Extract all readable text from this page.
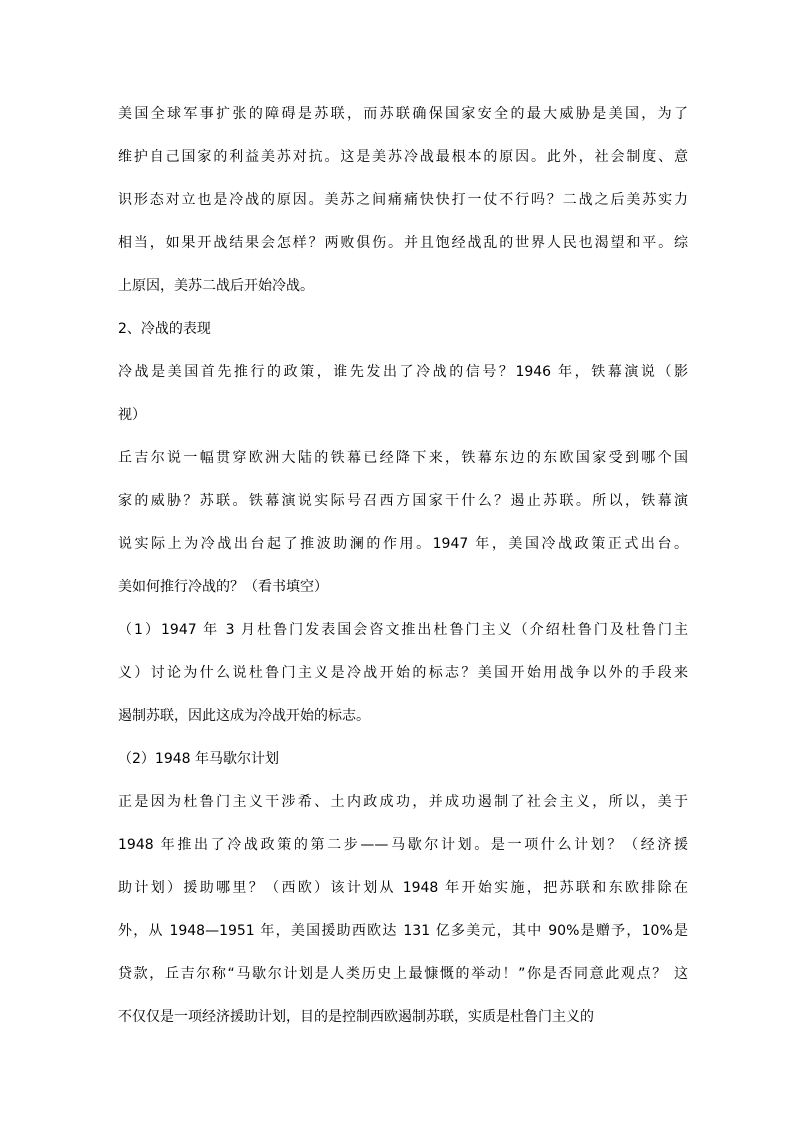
美国全球军事扩张的障碍是苏联，而苏联确保国家安全的最大威胁是美国，为了
维护自己国家的利益美苏对抗。这是美苏冷战最根本的原因。此外，社会制度、意
识形态对立也是冷战的原因。美苏之间痛痛快快打一仗不行吗？二战之后美苏实力
相当，如果开战结果会怎样？两败俱伤。并且饱经战乱的世界人民也渴望和平。综
上原因，美苏二战后开始冷战。
2、冷战的表现
冷战是美国首先推行的政策，谁先发出了冷战的信号？1946 年，铁幕演说（影
视）
丘吉尔说一幅贯穿欧洲大陆的铁幕已经降下来，铁幕东边的东欧国家受到哪个国
家的威胁？苏联。铁幕演说实际号召西方国家干什么？遏止苏联。所以，铁幕演
说实际上为冷战出台起了推波助澜的作用。1947 年，美国冷战政策正式出台。
美如何推行冷战的？（看书填空）
（1）1947 年 3 月杜鲁门发表国会咨文推出杜鲁门主义（介绍杜鲁门及杜鲁门主
义）讨论为什么说杜鲁门主义是冷战开始的标志？美国开始用战争以外的手段来
遏制苏联，因此这成为冷战开始的标志。
（2）1948 年马歇尔计划
正是因为杜鲁门主义干涉希、土内政成功，并成功遏制了社会主义，所以，美于
1948 年推出了冷战政策的第二步——马歇尔计划。是一项什么计划？（经济援
助计划）援助哪里？（西欧）该计划从 1948 年开始实施，把苏联和东欧排除在
外，从 1948—1951 年，美国援助西欧达 131 亿多美元，其中 90%是赠予，10%是
贷款，丘吉尔称“马歇尔计划是人类历史上最慷慨的举动！”你是否同意此观点？ 这
不仅仅是一项经济援助计划，目的是控制西欧遏制苏联，实质是杜鲁门主义的
